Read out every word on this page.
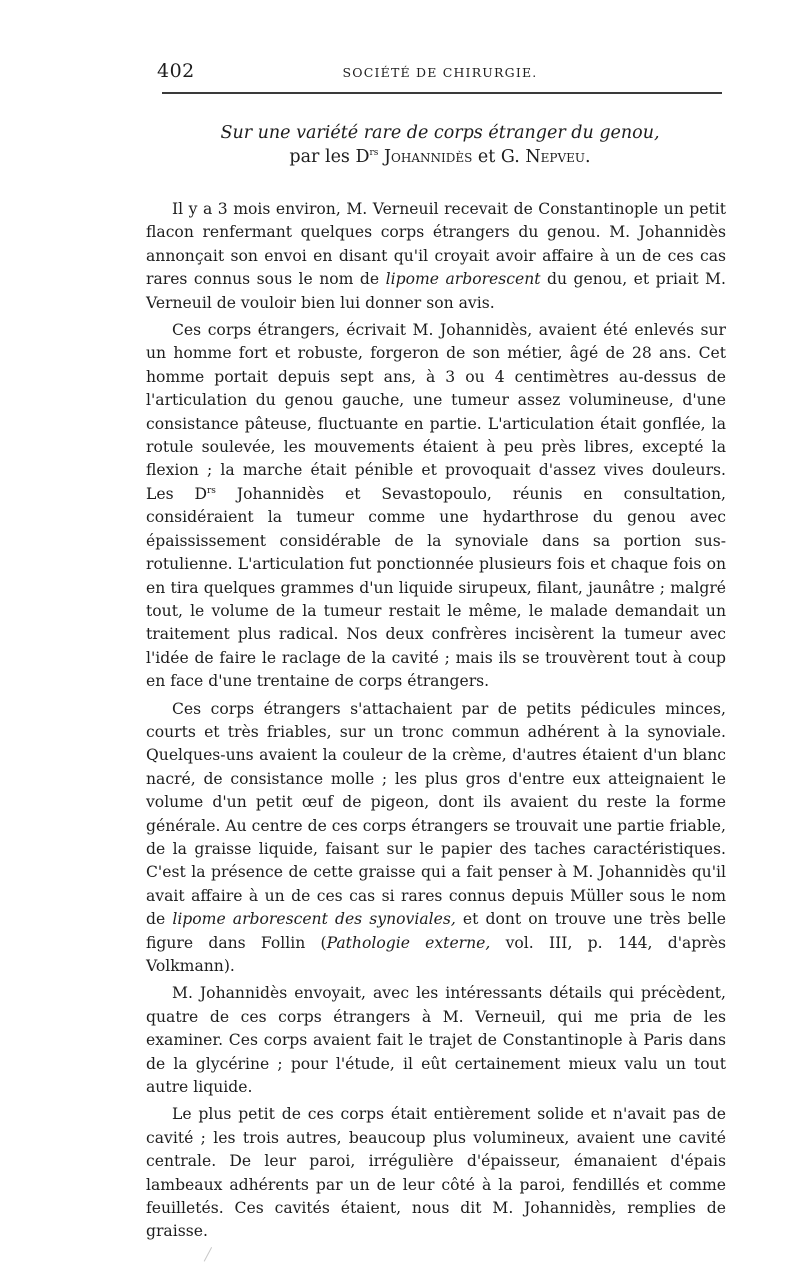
402	SOCIÉTÉ DE CHIRURGIE.
Sur une variété rare de corps étranger du genou,
par les $D^{rs}$ Johannidès et G. Nepveu.

Il y a 3 mois environ, M. Verneuil recevait de Constantinople un petit flacon renfermant quelques corps étrangers du genou. M. Johannidès annonçait son envoi en disant qu'il croyait avoir affaire à un de ces cas rares connus sous le nom de lipome arborescent du genou, et priait M. Verneuil de vouloir bien lui donner son avis.

Ces corps étrangers, écrivait M. Johannidès, avaient été enlevés sur un homme fort et robuste, forgeron de son métier, âgé de 28 ans. Cet homme portait depuis sept ans, à 3 ou 4 centimètres au-dessus de l'articulation du genou gauche, une tumeur assez volumineuse, d'une consistance pâteuse, fluctuante en partie. L'articulation était gonflée, la rotule soulevée, les mouvements étaient à peu près libres, excepté la flexion ; la marche était pénible et provoquait d'assez vives douleurs. Les $D^{rs}$ Johannidès et Sevastopoulo, réunis en consultation, considéraient la tumeur comme une hydarthrose du genou avec épaississement considérable de la synoviale dans sa portion sus-rotulienne. L'articulation fut ponctionnée plusieurs fois et chaque fois on en tira quelques grammes d'un liquide sirupeux, filant, jaunâtre ; malgré tout, le volume de la tumeur restait le même, le malade demandait un traitement plus radical. Nos deux confrères incisèrent la tumeur avec l'idée de faire le raclage de la cavité ; mais ils se trouvèrent tout à coup en face d'une trentaine de corps étrangers.

Ces corps étrangers s'attachaient par de petits pédicules minces, courts et très friables, sur un tronc commun adhérent à la synoviale. Quelques-uns avaient la couleur de la crème, d'autres étaient d'un blanc nacré, de consistance molle ; les plus gros d'entre eux atteignaient le volume d'un petit œuf de pigeon, dont ils avaient du reste la forme générale. Au centre de ces corps étrangers se trouvait une partie friable, de la graisse liquide, faisant sur le papier des taches caractéristiques. C'est la présence de cette graisse qui a fait penser à M. Johannidès qu'il avait affaire à un de ces cas si rares connus depuis Müller sous le nom de lipome arborescent des synoviales, et dont on trouve une très belle figure dans Follin (Pathologie externe, vol. III, p. 144, d'après Volkmann).

M. Johannidès envoyait, avec les intéressants détails qui précèdent, quatre de ces corps étrangers à M. Verneuil, qui me pria de les examiner. Ces corps avaient fait le trajet de Constantinople à Paris dans de la glycérine ; pour l'étude, il eût certainement mieux valu un tout autre liquide.

Le plus petit de ces corps était entièrement solide et n'avait pas de cavité ; les trois autres, beaucoup plus volumineux, avaient une cavité centrale. De leur paroi, irrégulière d'épaisseur, émanaient d'épais lambeaux adhérents par un de leur côté à la paroi, fendillés et comme feuilletés. Ces cavités étaient, nous dit M. Johannidès, remplies de graisse.
